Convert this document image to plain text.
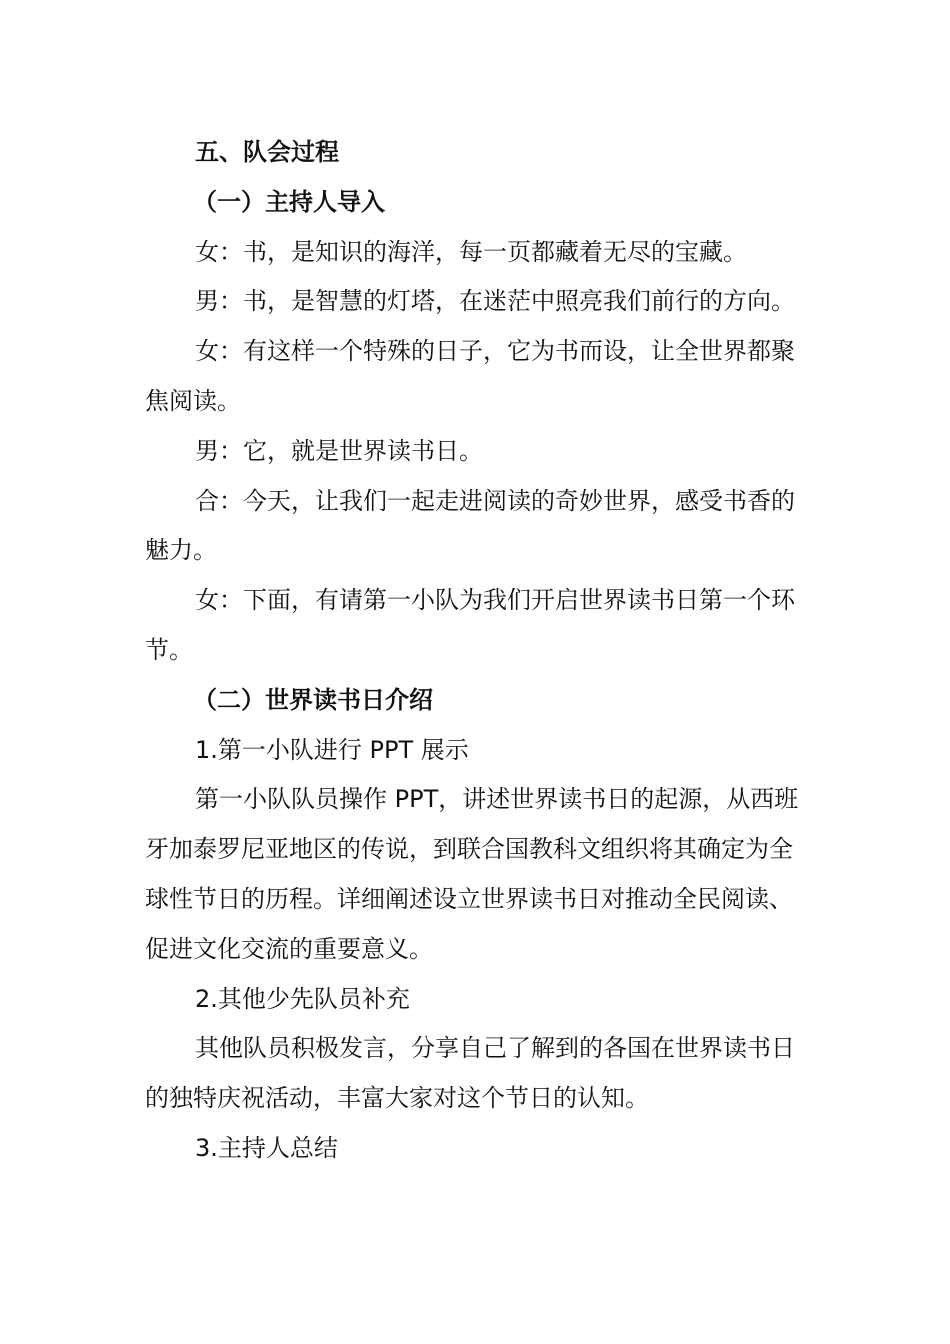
五、队会过程

（一）主持人导入

女：书，是知识的海洋，每一页都藏着无尽的宝藏。

男：书，是智慧的灯塔，在迷茫中照亮我们前行的方向。

女：有这样一个特殊的日子，它为书而设，让全世界都聚焦阅读。

男：它，就是世界读书日。

合：今天，让我们一起走进阅读的奇妙世界，感受书香的魅力。

女：下面，有请第一小队为我们开启世界读书日第一个环节。

（二）世界读书日介绍

1.第一小队进行 PPT 展示

第一小队队员操作 PPT，讲述世界读书日的起源，从西班牙加泰罗尼亚地区的传说，到联合国教科文组织将其确定为全球性节日的历程。详细阐述设立世界读书日对推动全民阅读、促进文化交流的重要意义。

2.其他少先队员补充

其他队员积极发言，分享自己了解到的各国在世界读书日的独特庆祝活动，丰富大家对这个节日的认知。

3.主持人总结
